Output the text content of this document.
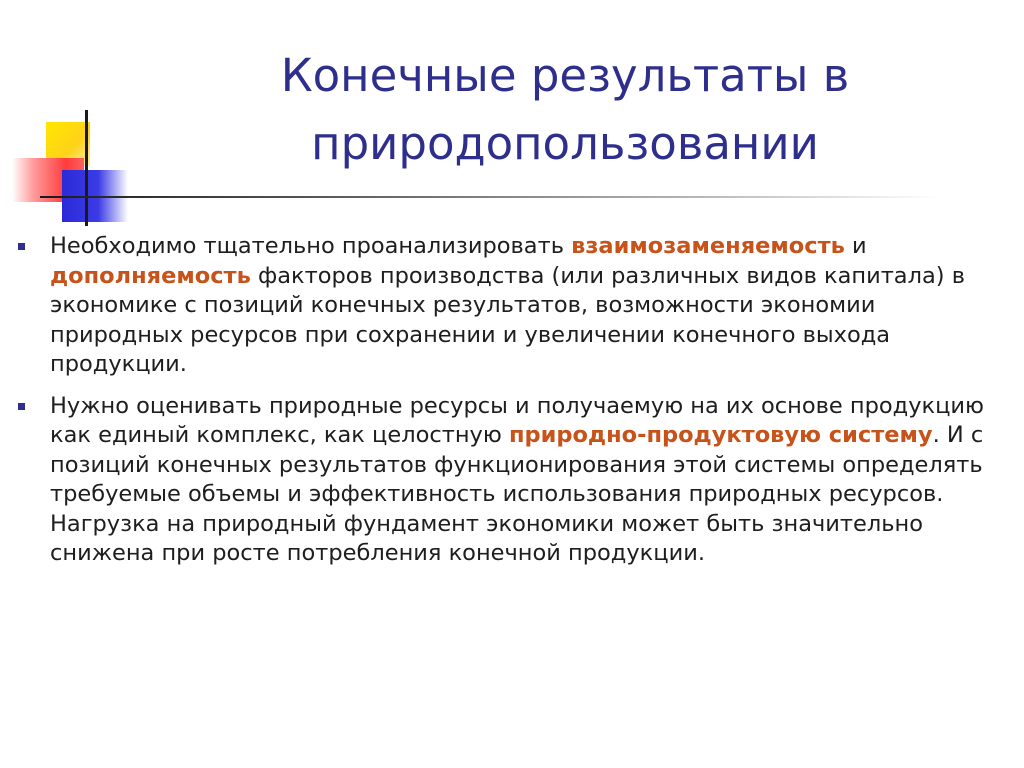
Конечные результаты в
природопользовании
Необходимо тщательно проанализировать взаимозаменяемость и дополняемость факторов производства (или различных видов капитала) в экономике с позиций конечных результатов, возможности экономии природных ресурсов при сохранении и увеличении конечного выхода продукции.
Нужно оценивать природные ресурсы и получаемую на их основе продукцию как единый комплекс, как целостную природно-продуктовую систему. И с позиций конечных результатов функционирования этой системы определять требуемые объемы и эффективность использования природных ресурсов. Нагрузка на природный фундамент экономики может быть значительно снижена при росте потребления конечной продукции.
